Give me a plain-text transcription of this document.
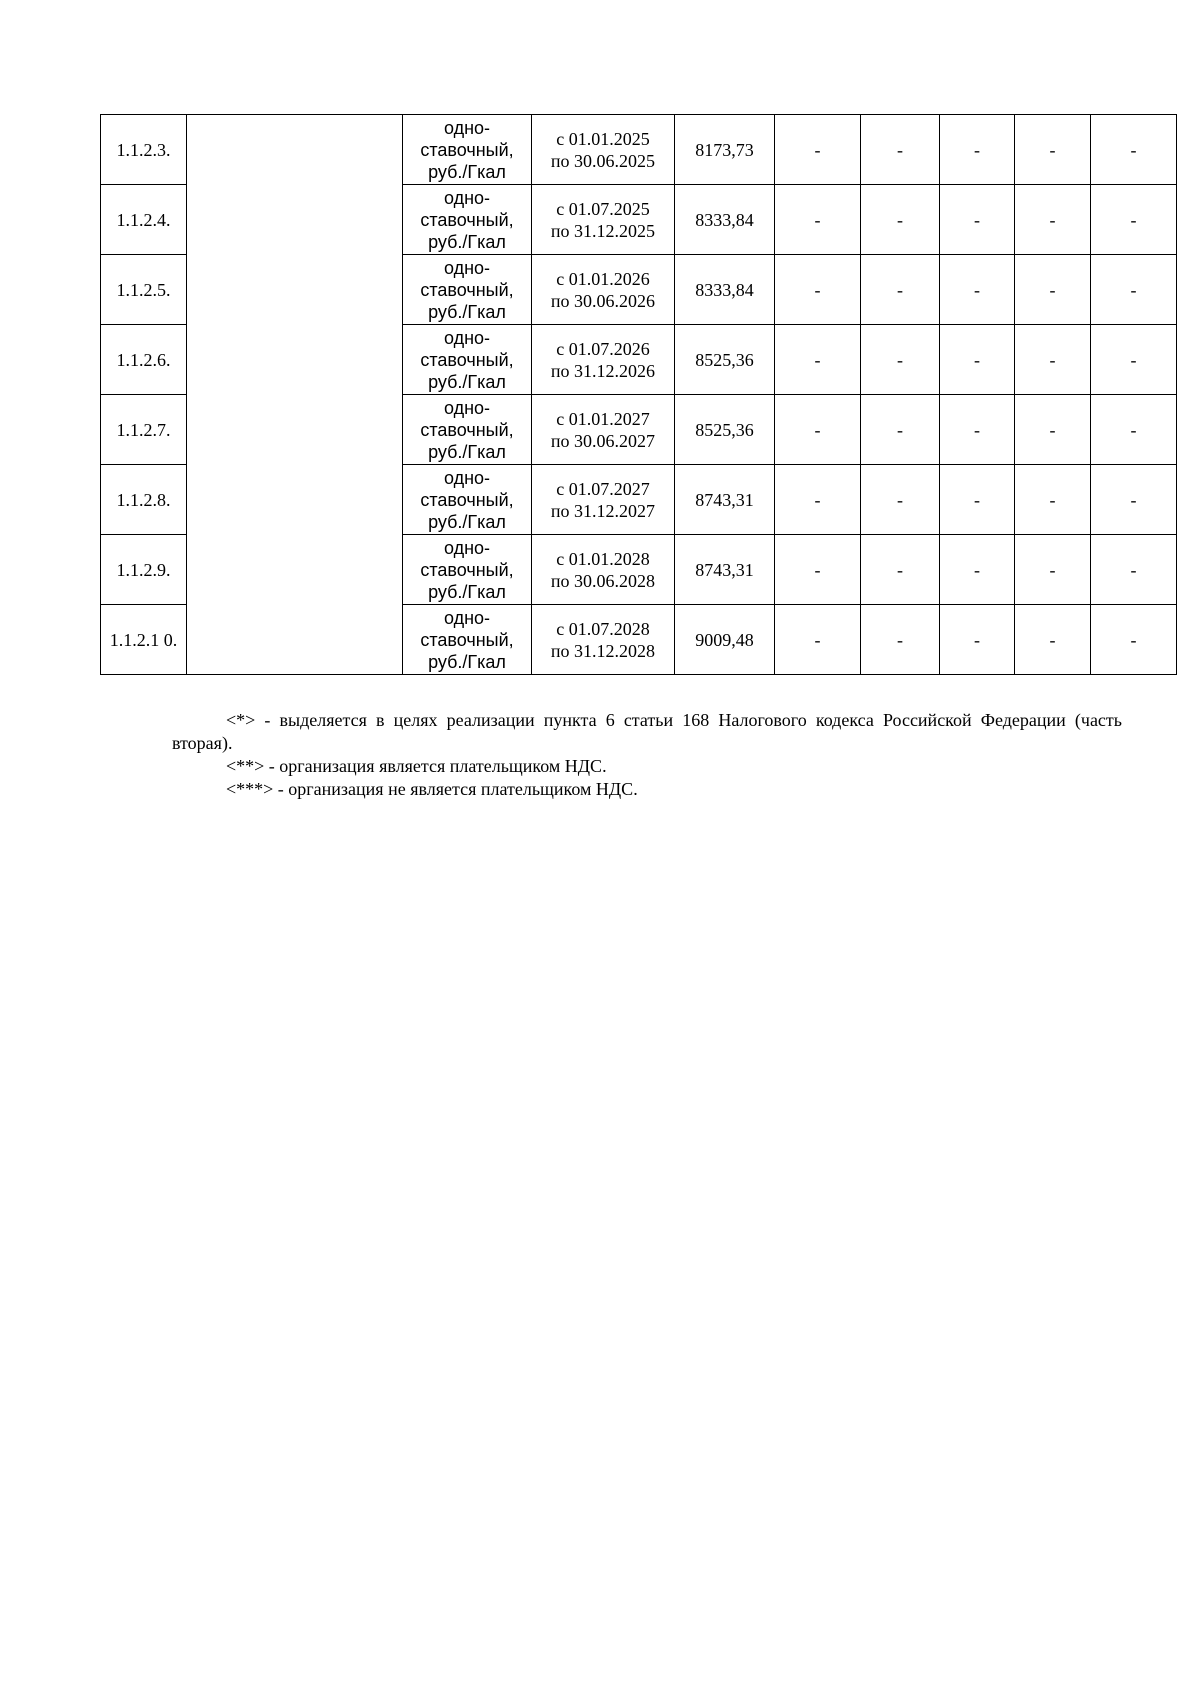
1.1.2.3.		одно-
ставочный,
руб./Гкал	с 01.01.2025
по 30.06.2025	8173,73	-	-	-	-	-
1.1.2.4.		одно-
ставочный,
руб./Гкал	с 01.07.2025
по 31.12.2025	8333,84	-	-	-	-	-
1.1.2.5.		одно-
ставочный,
руб./Гкал	с 01.01.2026
по 30.06.2026	8333,84	-	-	-	-	-
1.1.2.6.		одно-
ставочный,
руб./Гкал	с 01.07.2026
по 31.12.2026	8525,36	-	-	-	-	-
1.1.2.7.		одно-
ставочный,
руб./Гкал	с 01.01.2027
по 30.06.2027	8525,36	-	-	-	-	-
1.1.2.8.		одно-
ставочный,
руб./Гкал	с 01.07.2027
по 31.12.2027	8743,31	-	-	-	-	-
1.1.2.9.		одно-
ставочный,
руб./Гкал	с 01.01.2028
по 30.06.2028	8743,31	-	-	-	-	-
1.1.2.1 0.		одно-
ставочный,
руб./Гкал	с 01.07.2028
по 31.12.2028	9009,48	-	-	-	-	-

<*> - выделяется в целях реализации пункта 6 статьи 168 Налогового кодекса Российской Федерации (часть вторая).

<**> - организация является плательщиком НДС.

<***> - организация не является плательщиком НДС.
